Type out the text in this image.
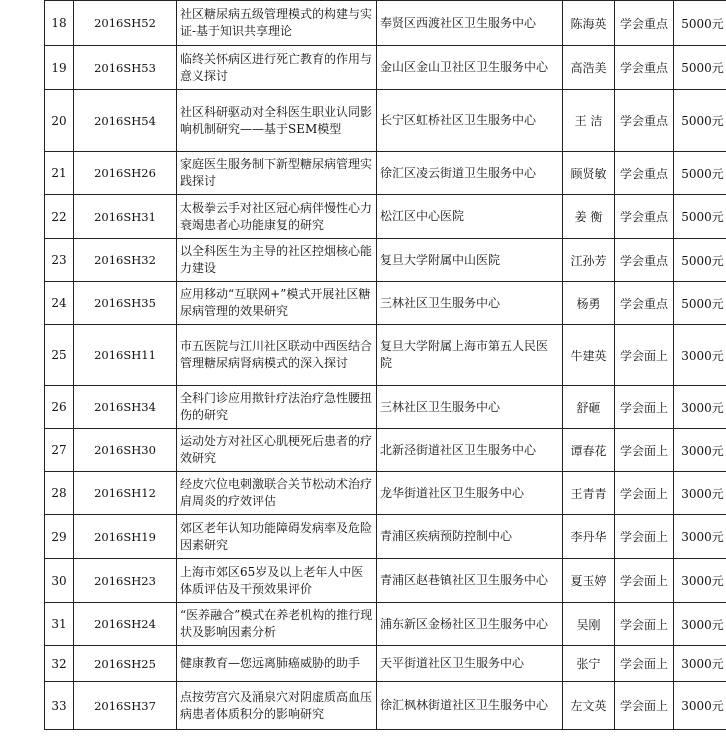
18	2016SH52	社区糖尿病五级管理模式的构建与实证-基于知识共享理论	奉贤区西渡社区卫生服务中心	陈海英	学会重点	5000元
19	2016SH53	临终关怀病区进行死亡教育的作用与意义探讨	金山区金山卫社区卫生服务中心	高浩美	学会重点	5000元
20	2016SH54	社区科研驱动对全科医生职业认同影响机制研究——基于SEM模型	长宁区虹桥社区卫生服务中心	王 洁	学会重点	5000元
21	2016SH26	家庭医生服务制下新型糖尿病管理实践探讨	徐汇区凌云街道卫生服务中心	顾贤敏	学会重点	5000元
22	2016SH31	太极拳云手对社区冠心病伴慢性心力衰竭患者心功能康复的研究	松江区中心医院	姜 衡	学会重点	5000元
23	2016SH32	以全科医生为主导的社区控烟核心能力建设	复旦大学附属中山医院	江孙芳	学会重点	5000元
24	2016SH35	应用移动“互联网+”模式开展社区糖尿病管理的效果研究	三林社区卫生服务中心	杨勇	学会重点	5000元
25	2016SH11	市五医院与江川社区联动中西医结合管理糖尿病肾病模式的深入探讨	复旦大学附属上海市第五人民医院	牛建英	学会面上	3000元
26	2016SH34	全科门诊应用揿针疗法治疗急性腰扭伤的研究	三林社区卫生服务中心	舒砸	学会面上	3000元
27	2016SH30	运动处方对社区心肌梗死后患者的疗效研究	北新泾街道社区卫生服务中心	谭春花	学会面上	3000元
28	2016SH12	经皮穴位电刺激联合关节松动术治疗肩周炎的疗效评估	龙华街道社区卫生服务中心	王青青	学会面上	3000元
29	2016SH19	郊区老年认知功能障碍发病率及危险因素研究	青浦区疾病预防控制中心	李丹华	学会面上	3000元
30	2016SH23	上海市郊区65岁及以上老年人中医体质评估及干预效果评价	青浦区赵巷镇社区卫生服务中心	夏玉婷	学会面上	3000元
31	2016SH24	“医养融合”模式在养老机构的推行现状及影响因素分析	浦东新区金杨社区卫生服务中心	吴刚	学会面上	3000元
32	2016SH25	健康教育—您远离肺癌威胁的助手	天平街道社区卫生服务中心	张宁	学会面上	3000元
33	2016SH37	点按劳宫穴及涌泉穴对阴虚质高血压病患者体质积分的影响研究	徐汇枫林街道社区卫生服务中心	左文英	学会面上	3000元
